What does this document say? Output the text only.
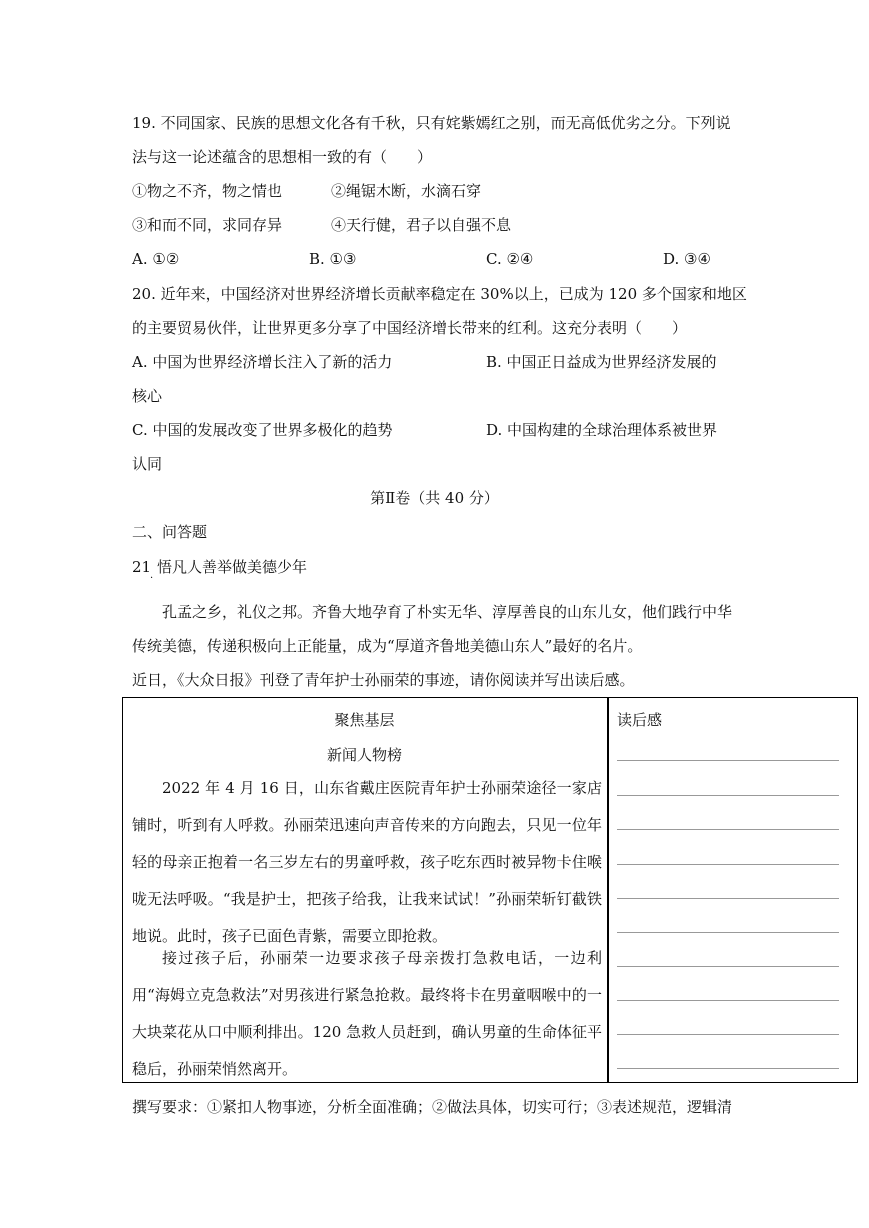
19. 不同国家、民族的思想文化各有千秋，只有姹紫嫣红之别，而无高低优劣之分。下列说
法与这一论述蕴含的思想相一致的有（　　）
①物之不齐，物之情也	②绳锯木断，水滴石穿
③和而不同，求同存异	④天行健，君子以自强不息
A. ①②	B. ①③	C. ②④	D. ③④
20. 近年来，中国经济对世界经济增长贡献率稳定在 30%以上，已成为 120 多个国家和地区
的主要贸易伙伴，让世界更多分享了中国经济增长带来的红利。这充分表明（　　）
A. 中国为世界经济增长注入了新的活力	B. 中国正日益成为世界经济发展的
核心
C. 中国的发展改变了世界多极化的趋势	D. 中国构建的全球治理体系被世界
认同
第Ⅱ卷（共 40 分）
二、问答题
21
·
悟凡人善举做美德少年
孔孟之乡，礼仪之邦。齐鲁大地孕育了朴实无华、淳厚善良的山东儿女，他们践行中华
传统美德，传递积极向上正能量，成为“厚道齐鲁地美德山东人”最好的名片。
近日，《大众日报》刊登了青年护士孙丽荣的事迹，请你阅读并写出读后感。
聚焦基层
新闻人物榜
2022 年 4 月 16 日，山东省戴庄医院青年护士孙丽荣途径一家店铺时，听到有人呼救。孙丽荣迅速向声音传来的方向跑去，只见一位年轻的母亲正抱着一名三岁左右的男童呼救，孩子吃东西时被异物卡住喉咙无法呼吸。“我是护士，把孩子给我，让我来试试！”孙丽荣斩钉截铁地说。此时，孩子已面色青紫，需要立即抢救。
接过孩子后，孙丽荣一边要求孩子母亲拨打急救电话，一边利用“海姆立克急救法”对男孩进行紧急抢救。最终将卡在男童咽喉中的一大块菜花从口中顺利排出。120 急救人员赶到，确认男童的生命体征平稳后，孙丽荣悄然离开。
读后感
撰写要求：①紧扣人物事迹，分析全面准确；②做法具体，切实可行；③表述规范，逻辑清
